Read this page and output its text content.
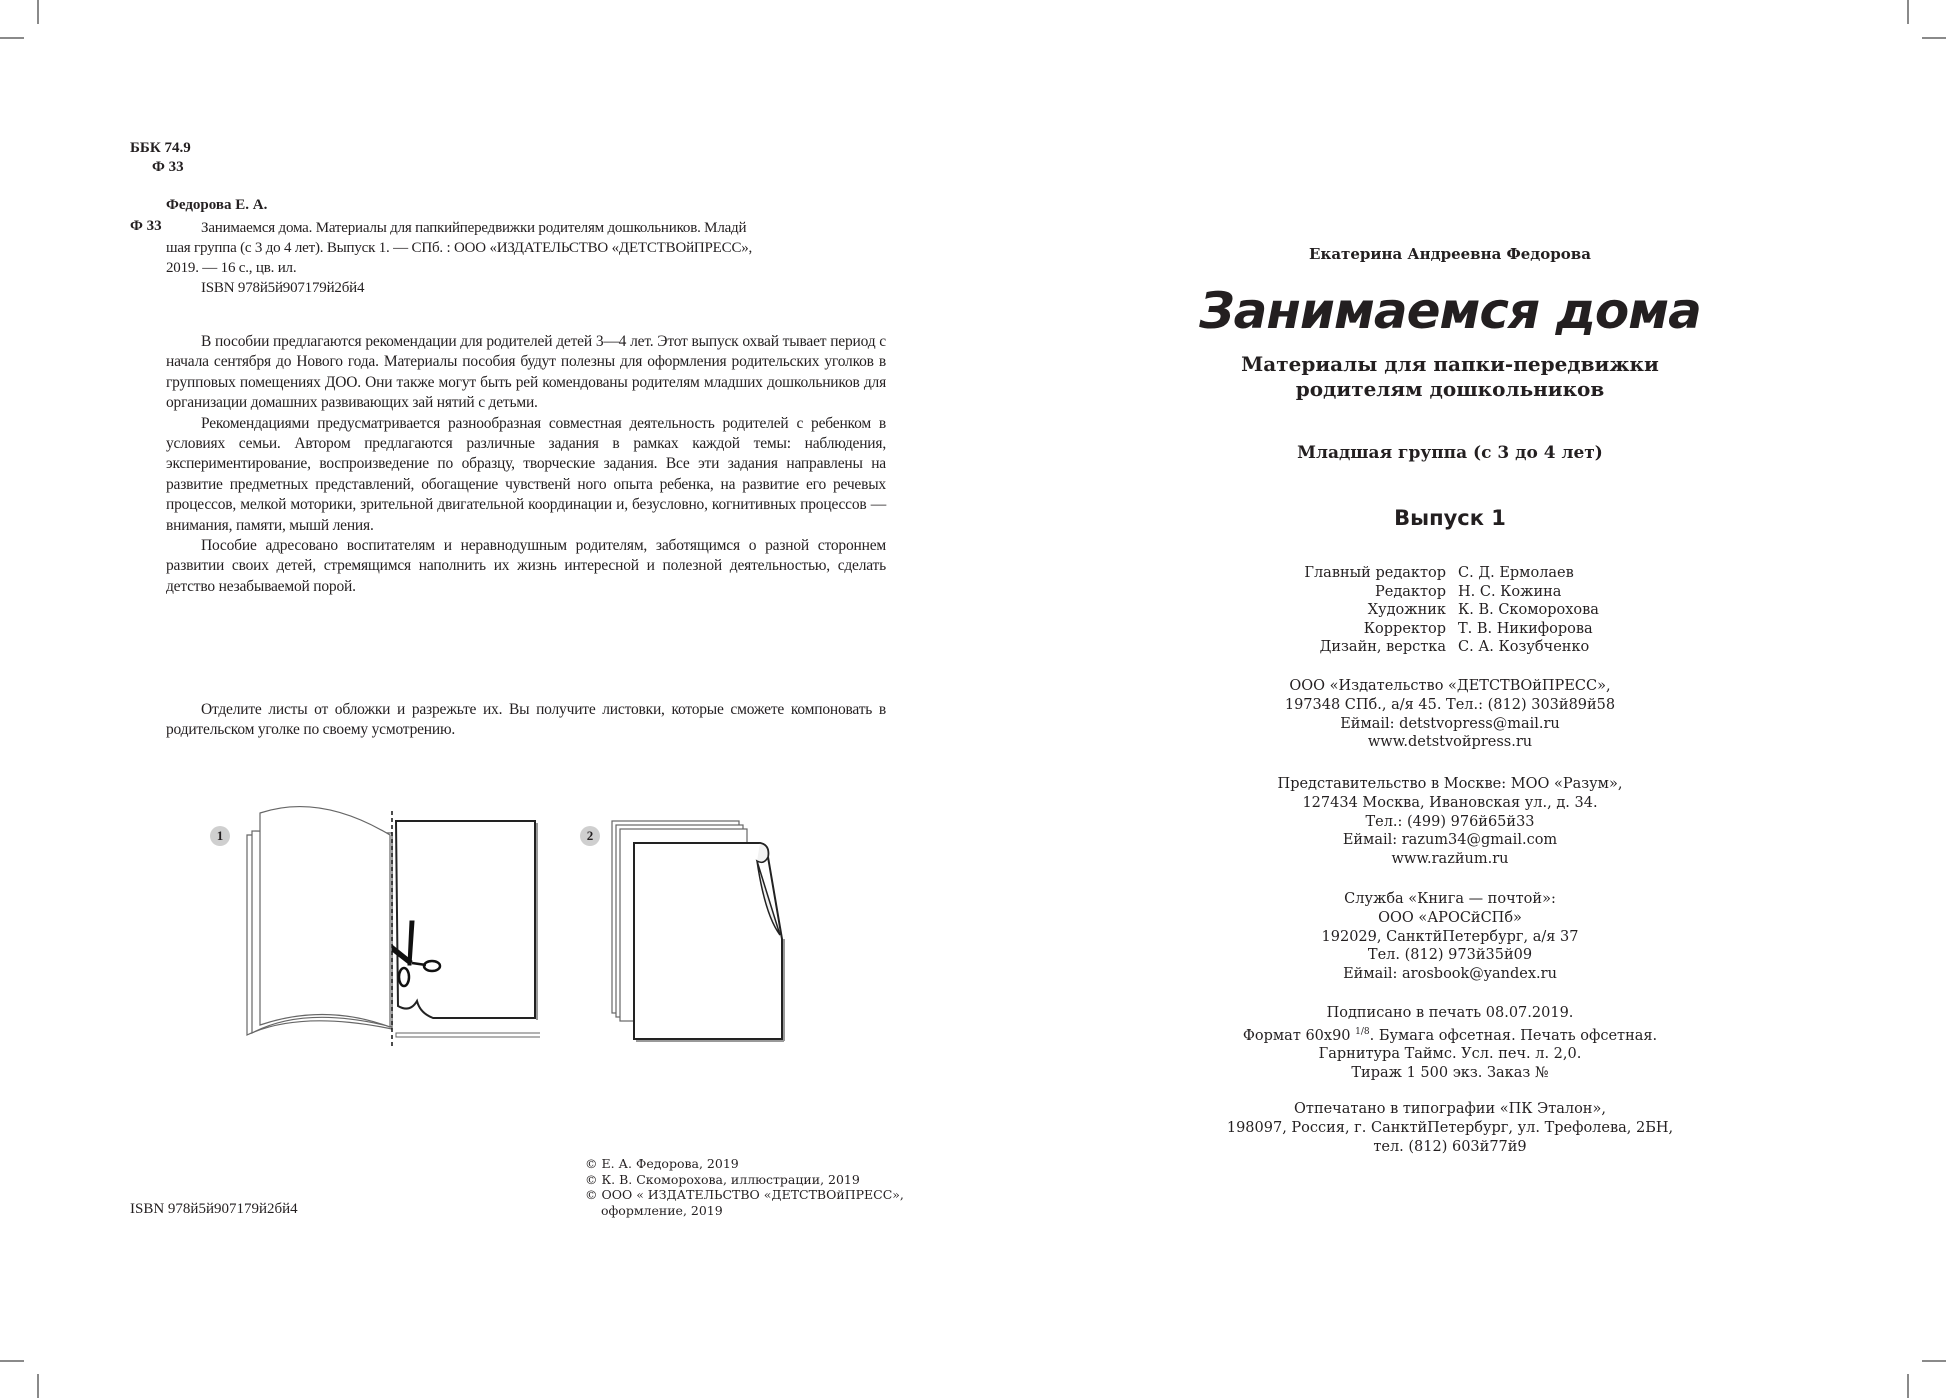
ББК 74.9
Ф 33
Федорова Е. А.
Ф 33	Занимаемся дома. Материалы для папкийпередвижки родителям дошкольников. Младй

шая группа (с 3 до 4 лет). Выпуск 1. — СПб. : ООО «ИЗДАТЕЛЬСТВО «ДЕТСТВОйПРЕСС»,

2019. — 16 с., цв. ил.

ISBN 978й5й907179й2бй4

В пособии предлагаются рекомендации для родителей детей 3—4 лет. Этот выпуск охвай тывает период с начала сентября до Нового года. Материалы пособия будут полезны для оформления родительских уголков в групповых помещениях ДОО. Они также могут быть рей комендованы родителям младших дошкольников для организации домашних развивающих зай нятий с детьми.

Рекомендациями предусматривается разнообразная совместная деятельность родителей с ребенком в условиях семьи. Автором предлагаются различные задания в рамках каждой темы: наблюдения, экспериментирование, воспроизведение по образцу, творческие задания. Все эти задания направлены на развитие предметных представлений, обогащение чувственй ного опыта ребенка, на развитие его речевых процессов, мелкой моторики, зрительной двигательной координации и, безусловно, когнитивных процессов — внимания, памяти, мышй ления.

Пособие адресовано воспитателям и неравнодушным родителям, заботящимся о разной стороннем развитии своих детей, стремящимся наполнить их жизнь интересной и полезной деятельностью, сделать детство незабываемой порой.

Отделите листы от обложки и разрежьте их. Вы получите листовки, которые сможете компоновать в родительском уголке по своему усмотрению.

1	2
© Е. А. Федорова, 2019
© К. В. Скоморохова, иллюстрации, 2019
© ООО « ИЗДАТЕЛЬСТВО «ДЕТСТВОйПРЕСС»,
оформление, 2019
ISBN 978й5й907179й2бй4
Екатерина Андреевна Федорова
Занимаемся дома
Материалы для папки-передвижки
родителям дошкольников
Младшая группа (с 3 до 4 лет)
Выпуск 1
Главный редактор С. Д. Ермолаев
Редактор Н. С. Кожина
Художник К. В. Скоморохова
Корректор Т. В. Никифорова
Дизайн, верстка С. А. Козубченко

ООО «Издательство «ДЕТСТВОйПРЕСС»,

197348 СПб., а/я 45. Тел.: (812) 303й89й58

Еймail: detstvopress@mail.ru

www.detstvoйpress.ru

Представительство в Москве: МОО «Разум»,

127434 Москва, Ивановская ул., д. 34.

Тел.: (499) 976й65й33

Еймail: razum34@gmail.com

www.razйum.ru

Служба «Книга — почтой»:

ООО «АРОСйСПб»

192029, СанктйПетербург, а/я 37

Тел. (812) 973й35й09

Еймail: arosbook@yandex.ru

Подписано в печать 08.07.2019.

Формат 60х90 $^{1/8}$. Бумага офсетная. Печать офсетная.

Гарнитура Таймс. Усл. печ. л. 2,0.

Тираж 1 500 экз. Заказ №

Отпечатано в типографии «ПК Эталон»,

198097, Россия, г. СанктйПетербург, ул. Трефолева, 2БН,

тел. (812) 603й77й9
